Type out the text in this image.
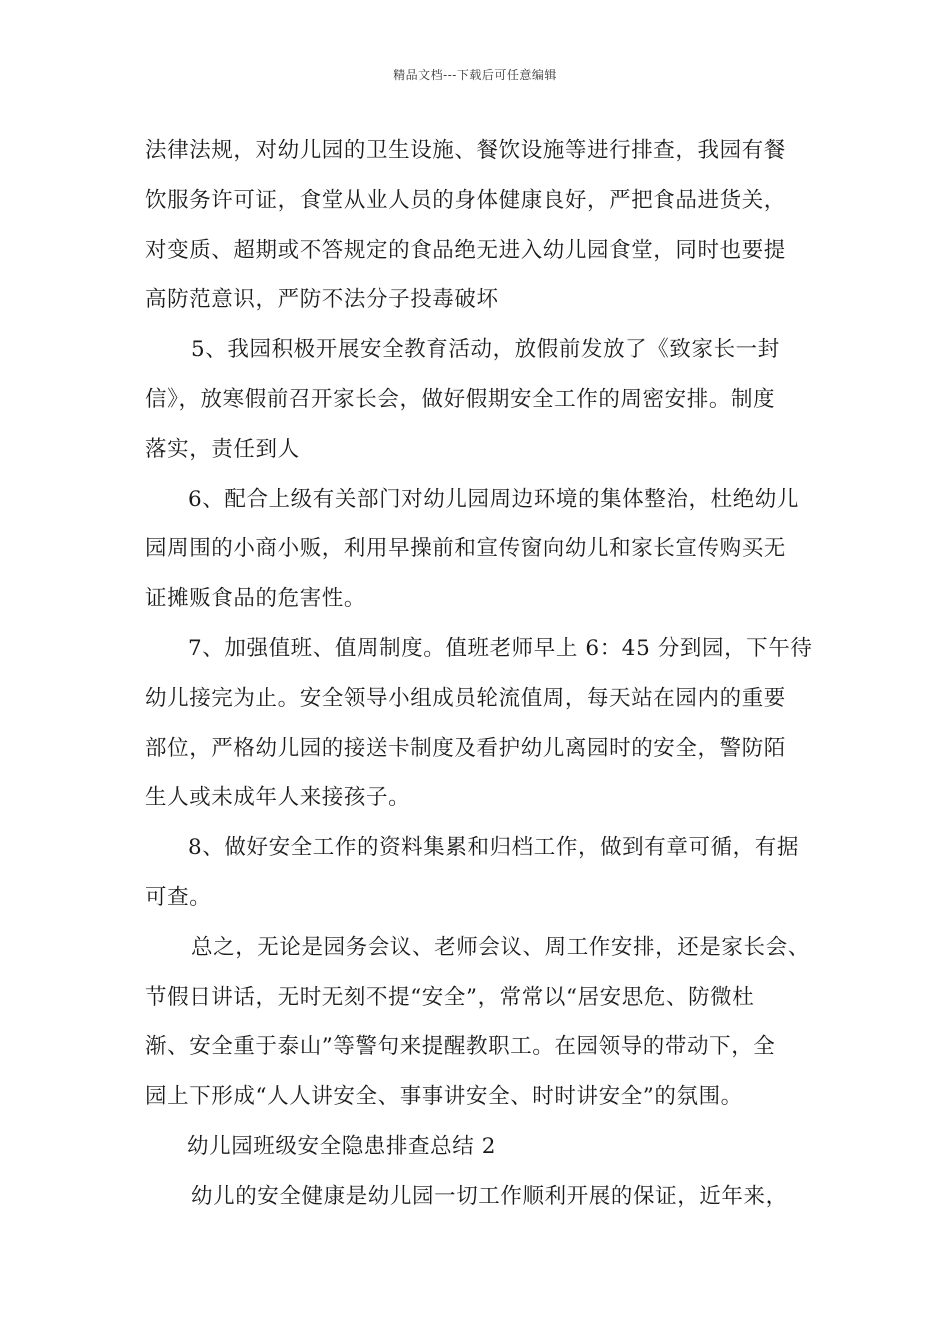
精品文档---下载后可任意编辑
法律法规，对幼儿园的卫生设施、餐饮设施等进行排查，我园有餐
饮服务许可证，食堂从业人员的身体健康良好，严把食品进货关，
对变质、超期或不答规定的食品绝无进入幼儿园食堂，同时也要提
高防范意识，严防不法分子投毒破坏
5、我园积极开展安全教育活动，放假前发放了《致家长一封
信》，放寒假前召开家长会，做好假期安全工作的周密安排。制度
落实，责任到人
6、配合上级有关部门对幼儿园周边环境的集体整治，杜绝幼儿
园周围的小商小贩，利用早操前和宣传窗向幼儿和家长宣传购买无
证摊贩食品的危害性。
7、加强值班、值周制度。值班老师早上 6：45 分到园，下午待
幼儿接完为止。安全领导小组成员轮流值周，每天站在园内的重要
部位，严格幼儿园的接送卡制度及看护幼儿离园时的安全，警防陌
生人或未成年人来接孩子。
8、做好安全工作的资料集累和归档工作，做到有章可循，有据
可查。
总之，无论是园务会议、老师会议、周工作安排，还是家长会、
节假日讲话，无时无刻不提“安全”，常常以“居安思危、防微杜
渐、安全重于泰山”等警句来提醒教职工。在园领导的带动下，全
园上下形成“人人讲安全、事事讲安全、时时讲安全”的氛围。
幼儿园班级安全隐患排查总结 2
幼儿的安全健康是幼儿园一切工作顺利开展的保证，近年来，
